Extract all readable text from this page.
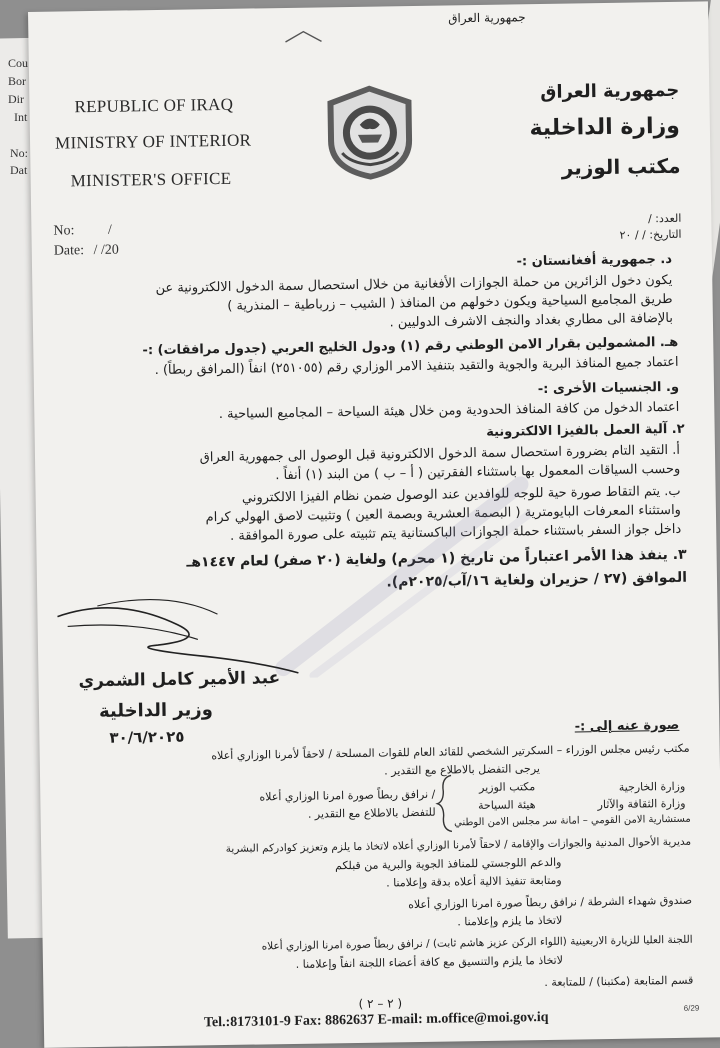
Cou
Bor
Dir
Int
No:
Dat
جمهورية العراق
REPUBLIC OF IRAQ
MINISTRY OF INTERIOR
MINISTER'S OFFICE
جمهورية العراق
وزارة الداخلية
مكتب الوزير
No: /
Date: / /20
العدد: /
التاريخ: / / ٢٠
د. جمهورية أفغانستان :-
يكون دخول الزائرين من حملة الجوازات الأفغانية من خلال استحصال سمة الدخول الالكترونية عن
طريق المجاميع السياحية ويكون دخولهم من المنافذ ( الشيب – زرباطية – المنذرية )
بالإضافة الى مطاري بغداد والنجف الاشرف الدوليين .
هـ. المشمولين بقرار الامن الوطني رقم (١) ودول الخليج العربي (جدول مرافقات) :-
اعتماد جميع المنافذ البرية والجوية والتقيد بتنفيذ الامر الوزاري رقم (٢٥١٠٥٥) انفاً (المرافق ربطاً) .
و. الجنسيات الأخرى :-
اعتماد الدخول من كافة المنافذ الحدودية ومن خلال هيئة السياحة – المجاميع السياحية .
٢. آلية العمل بالفيزا الالكترونية
أ. التقيد التام بضرورة استحصال سمة الدخول الالكترونية قبل الوصول الى جمهورية العراق
وحسب السياقات المعمول بها باستثناء الفقرتين ( أ – ب ) من البند (١) أنفاً .
ب. يتم التقاط صورة حية للوجه للوافدين عند الوصول ضمن نظام الفيزا الالكتروني
واستثناء المعرفات البايومترية ( البصمة العشرية وبصمة العين ) وتثبيت لاصق الهولي كرام
داخل جواز السفر باستثناء حملة الجوازات الباكستانية يتم تثبيته على صورة الموافقة .
٣. ينفذ هذا الأمر اعتباراً من تاريخ (١ محرم) ولغاية (٢٠ صفر) لعام ١٤٤٧هـ
الموافق (٢٧ / حزيران ولغاية ١٦/آب/٢٠٢٥م).
عبد الأمير كامل الشمري
وزير الداخلية
٣٠/٦/٢٠٢٥
صورة عنه إلى :-
مكتب رئيس مجلس الوزراء – السكرتير الشخصي للقائد العام للقوات المسلحة / لاحقاً لأمرنا الوزاري أعلاه
يرجى التفضل بالاطلاع مع التقدير .
وزارة الخارجية
وزارة الثقافة والآثار
مستشارية الامن القومي – امانة سر مجلس الامن الوطني
مكتب الوزير
هيئة السياحة
/ نرافق ربطاً صورة امرنا الوزاري أعلاه
للتفضل بالاطلاع مع التقدير .
مديرية الأحوال المدنية والجوازات والإقامة / لاحقاً لأمرنا الوزاري أعلاه لاتخاذ ما يلزم وتعزيز كوادركم البشرية
والدعم اللوجستي للمنافذ الجوية والبرية من قبلكم
ومتابعة تنفيذ الالية أعلاه بدقة وإعلامنا .
صندوق شهداء الشرطة / نرافق ربطاً صورة امرنا الوزاري أعلاه
لاتخاذ ما يلزم وإعلامنا .
اللجنة العليا للزيارة الاربعينية (اللواء الركن عزيز هاشم ثابت) / نرافق ربطاً صورة امرنا الوزاري أعلاه
لاتخاذ ما يلزم والتنسيق مع كافة أعضاء اللجنة انفاً وإعلامنا .
قسم المتابعة (مكتبنا) / للمتابعة .
( ٢ – ٢ )
Tel.:8173101-9 Fax: 8862637 E-mail: m.office@moi.gov.iq
6/29
